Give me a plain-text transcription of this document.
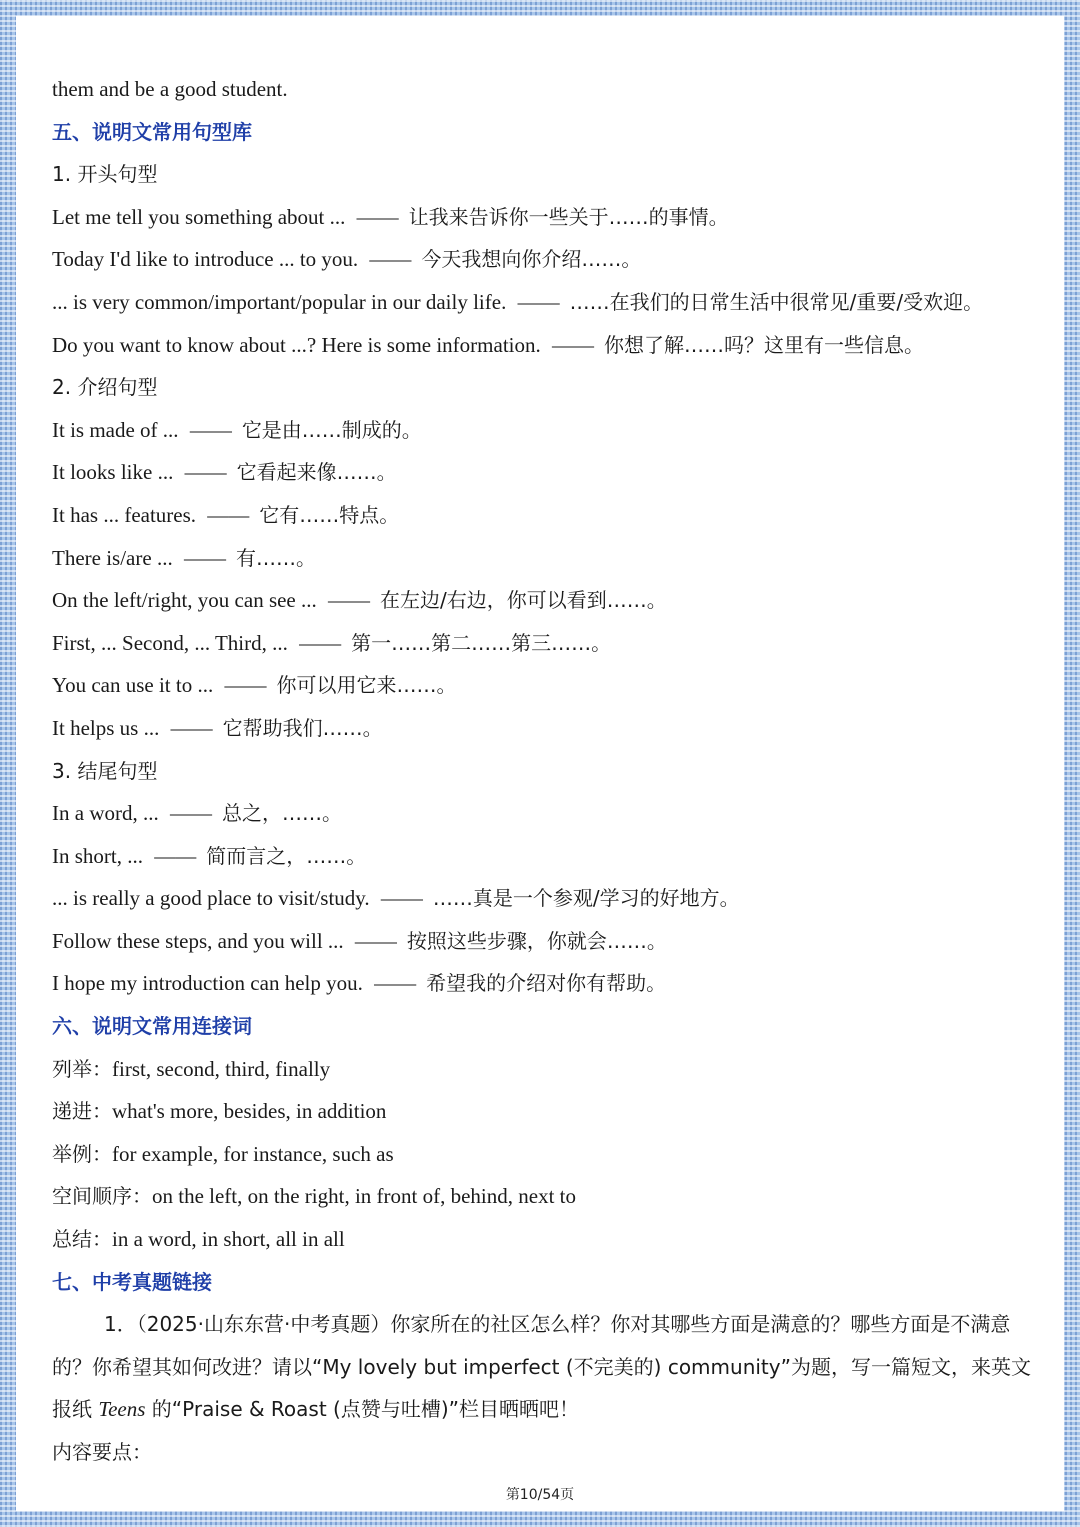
them and be a good student.
五、说明文常用句型库
1. 开头句型
Let me tell you something about ... —— 让我来告诉你一些关于……的事情。
Today I'd like to introduce ... to you. —— 今天我想向你介绍……。
... is very common/important/popular in our daily life. —— ……在我们的日常生活中很常见/重要/受欢迎。
Do you want to know about ...? Here is some information. —— 你想了解……吗？这里有一些信息。
2. 介绍句型
It is made of ... —— 它是由……制成的。
It looks like ... —— 它看起来像……。
It has ... features. —— 它有……特点。
There is/are ... —— 有……。
On the left/right, you can see ... —— 在左边/右边，你可以看到……。
First, ... Second, ... Third, ... —— 第一……第二……第三……。
You can use it to ... —— 你可以用它来……。
It helps us ... —— 它帮助我们……。
3. 结尾句型
In a word, ... —— 总之，……。
In short, ... —— 简而言之，……。
... is really a good place to visit/study. —— ……真是一个参观/学习的好地方。
Follow these steps, and you will ... —— 按照这些步骤，你就会……。
I hope my introduction can help you. —— 希望我的介绍对你有帮助。
六、说明文常用连接词
列举：first, second, third, finally
递进：what's more, besides, in addition
举例：for example, for instance, such as
空间顺序：on the left, on the right, in front of, behind, next to
总结：in a word, in short, all in all
七、中考真题链接
1．（2025·山东东营·中考真题）你家所在的社区怎么样？你对其哪些方面是满意的？哪些方面是不满意的？你希望其如何改进？请以“My lovely but imperfect (不完美的) community”为题，写一篇短文，来英文报纸 Teens 的“Praise & Roast (点赞与吐槽)”栏目晒晒吧！
内容要点：
第10/54页
